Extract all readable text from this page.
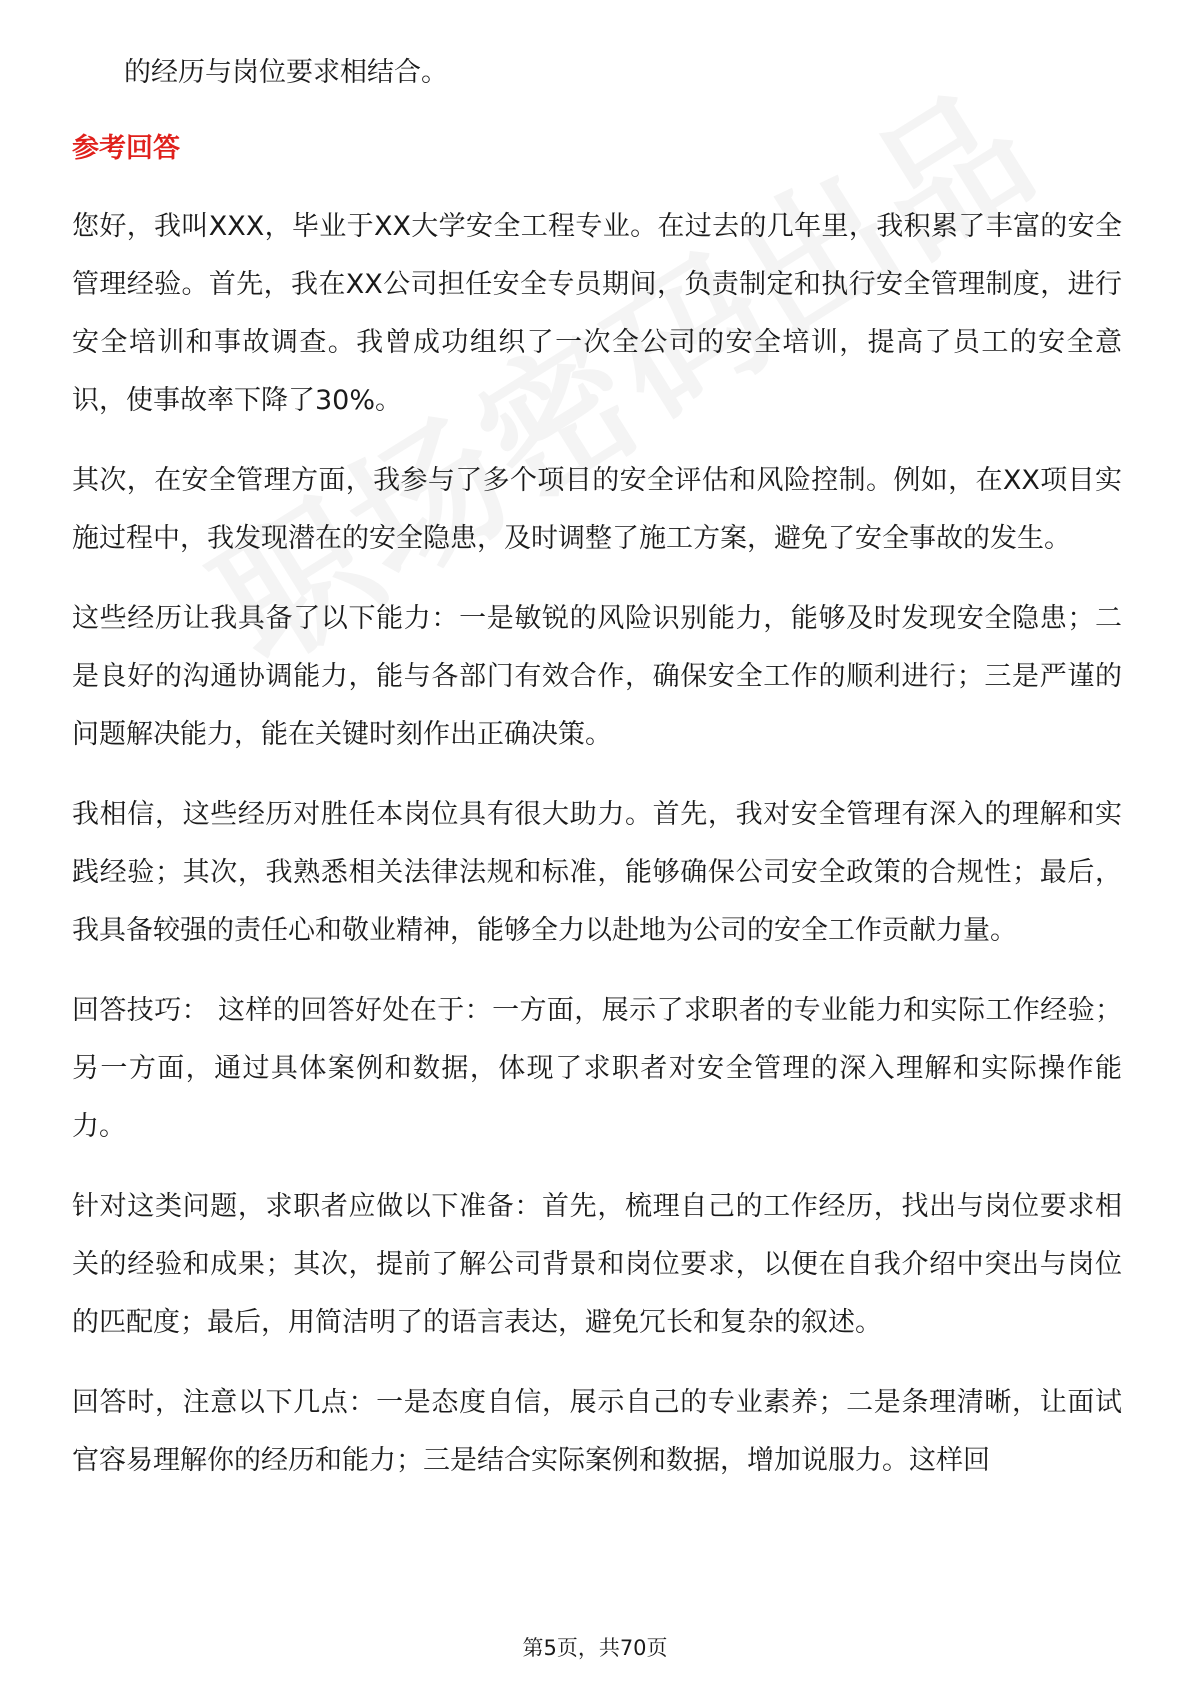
的经历与岗位要求相结合。

参考回答

您好，我叫XXX，毕业于XX大学安全工程专业。在过去的几年里，我积累了丰富的安全管理经验。首先，我在XX公司担任安全专员期间，负责制定和执行安全管理制度，进行安全培训和事故调查。我曾成功组织了一次全公司的安全培训，提高了员工的安全意识，使事故率下降了30%。

其次，在安全管理方面，我参与了多个项目的安全评估和风险控制。例如，在XX项目实施过程中，我发现潜在的安全隐患，及时调整了施工方案，避免了安全事故的发生。

这些经历让我具备了以下能力：一是敏锐的风险识别能力，能够及时发现安全隐患；二是良好的沟通协调能力，能与各部门有效合作，确保安全工作的顺利进行；三是严谨的问题解决能力，能在关键时刻作出正确决策。

我相信，这些经历对胜任本岗位具有很大助力。首先，我对安全管理有深入的理解和实践经验；其次，我熟悉相关法律法规和标准，能够确保公司安全政策的合规性；最后，我具备较强的责任心和敬业精神，能够全力以赴地为公司的安全工作贡献力量。

回答技巧： 这样的回答好处在于：一方面，展示了求职者的专业能力和实际工作经验；另一方面，通过具体案例和数据，体现了求职者对安全管理的深入理解和实际操作能力。

针对这类问题，求职者应做以下准备：首先，梳理自己的工作经历，找出与岗位要求相关的经验和成果；其次，提前了解公司背景和岗位要求，以便在自我介绍中突出与岗位的匹配度；最后，用简洁明了的语言表达，避免冗长和复杂的叙述。

回答时，注意以下几点：一是态度自信，展示自己的专业素养；二是条理清晰，让面试官容易理解你的经历和能力；三是结合实际案例和数据，增加说服力。这样回

第5页，共70页
